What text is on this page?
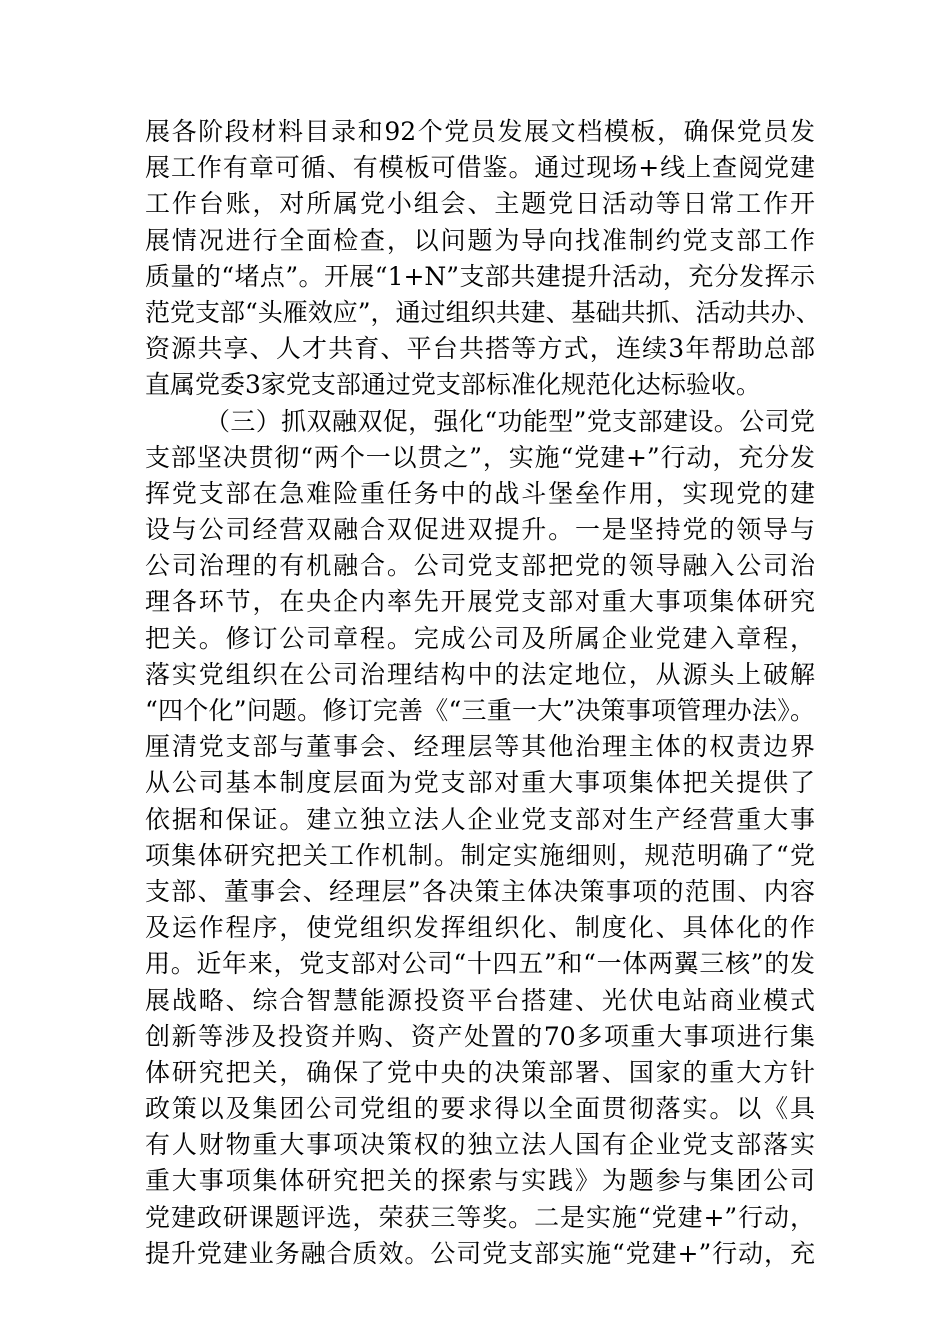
展各阶段材料目录和92个党员发展文档模板，确保党员发
展工作有章可循、有模板可借鉴。通过现场+线上查阅党建
工作台账，对所属党小组会、主题党日活动等日常工作开
展情况进行全面检查，以问题为导向找准制约党支部工作
质量的“堵点”。开展“1+N”支部共建提升活动，充分发挥示
范党支部“头雁效应”，通过组织共建、基础共抓、活动共办、
资源共享、人才共育、平台共搭等方式，连续3年帮助总部
直属党委3家党支部通过党支部标准化规范化达标验收。
（三）抓双融双促，强化“功能型”党支部建设。公司党
支部坚决贯彻“两个一以贯之”，实施“党建+”行动，充分发
挥党支部在急难险重任务中的战斗堡垒作用，实现党的建
设与公司经营双融合双促进双提升。一是坚持党的领导与
公司治理的有机融合。公司党支部把党的领导融入公司治
理各环节，在央企内率先开展党支部对重大事项集体研究
把关。修订公司章程。完成公司及所属企业党建入章程，
落实党组织在公司治理结构中的法定地位，从源头上破解
“四个化”问题。修订完善《“三重一大”决策事项管理办法》。
厘清党支部与董事会、经理层等其他治理主体的权责边界
从公司基本制度层面为党支部对重大事项集体把关提供了
依据和保证。建立独立法人企业党支部对生产经营重大事
项集体研究把关工作机制。制定实施细则，规范明确了“党
支部、董事会、经理层”各决策主体决策事项的范围、内容
及运作程序，使党组织发挥组织化、制度化、具体化的作
用。近年来，党支部对公司“十四五”和“一体两翼三核”的发
展战略、综合智慧能源投资平台搭建、光伏电站商业模式
创新等涉及投资并购、资产处置的70多项重大事项进行集
体研究把关，确保了党中央的决策部署、国家的重大方针
政策以及集团公司党组的要求得以全面贯彻落实。以《具
有人财物重大事项决策权的独立法人国有企业党支部落实
重大事项集体研究把关的探索与实践》为题参与集团公司
党建政研课题评选，荣获三等奖。二是实施“党建+”行动，
提升党建业务融合质效。公司党支部实施“党建+”行动，充
